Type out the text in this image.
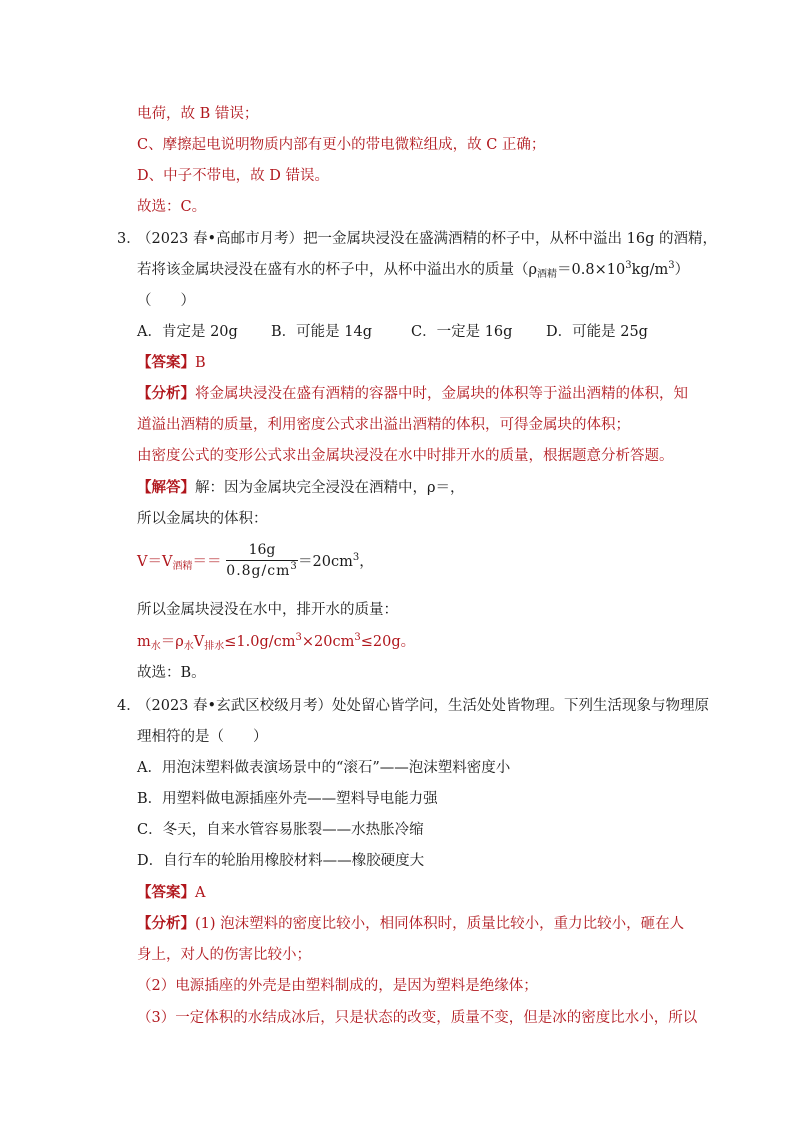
电荷，故 B 错误；
C、摩擦起电说明物质内部有更小的带电微粒组成，故 C 正确；
D、中子不带电，故 D 错误。
故选：C。
3．
（2023 春•高邮市月考）把一金属块浸没在盛满酒精的杯子中，从杯中溢出 16g 的酒精，
若将该金属块浸没在盛有水的杯子中，从杯中溢出水的质量$(\rho_{酒精}=0.8\times 10^3kg/m^3)$
（　　）
A．肯定是 20g B．可能是 14g	C．一定是 16g D．可能是 25g
【答案】B
【分析】将金属块浸没在盛有酒精的容器中时，金属块的体积等于溢出酒精的体积，知
道溢出酒精的质量，利用密度公式求出溢出酒精的体积，可得金属块的体积；
由密度公式的变形公式求出金属块浸没在水中时排开水的质量，根据题意分析答题。
【解答】解：因为金属块完全浸没在酒精中，ρ＝，
所以金属块的体积：
$V=V_{酒精}==$
16g
$0.8g/cm^3 =20cm^3$，
所以金属块浸没在水中，排开水的质量：
$m_水=\rho_水V_{排水}\le 1.0g/cm^3\times 20cm^3\le 20g$。
故选：B。
4．
（2023 春•玄武区校级月考）处处留心皆学问，生活处处皆物理。下列生活现象与物理原
理相符的是（　　）
A．用泡沫塑料做表演场景中的“滚石”——泡沫塑料密度小
B．用塑料做电源插座外壳——塑料导电能力强
C．冬天，自来水管容易胀裂——水热胀冷缩
D．自行车的轮胎用橡胶材料——橡胶硬度大
【答案】A
【分析】(1) 泡沫塑料的密度比较小，相同体积时，质量比较小，重力比较小，砸在人
身上，对人的伤害比较小；
（2）电源插座的外壳是由塑料制成的，是因为塑料是绝缘体；
（3）一定体积的水结成冰后，只是状态的改变，质量不变，但是冰的密度比水小，所以
